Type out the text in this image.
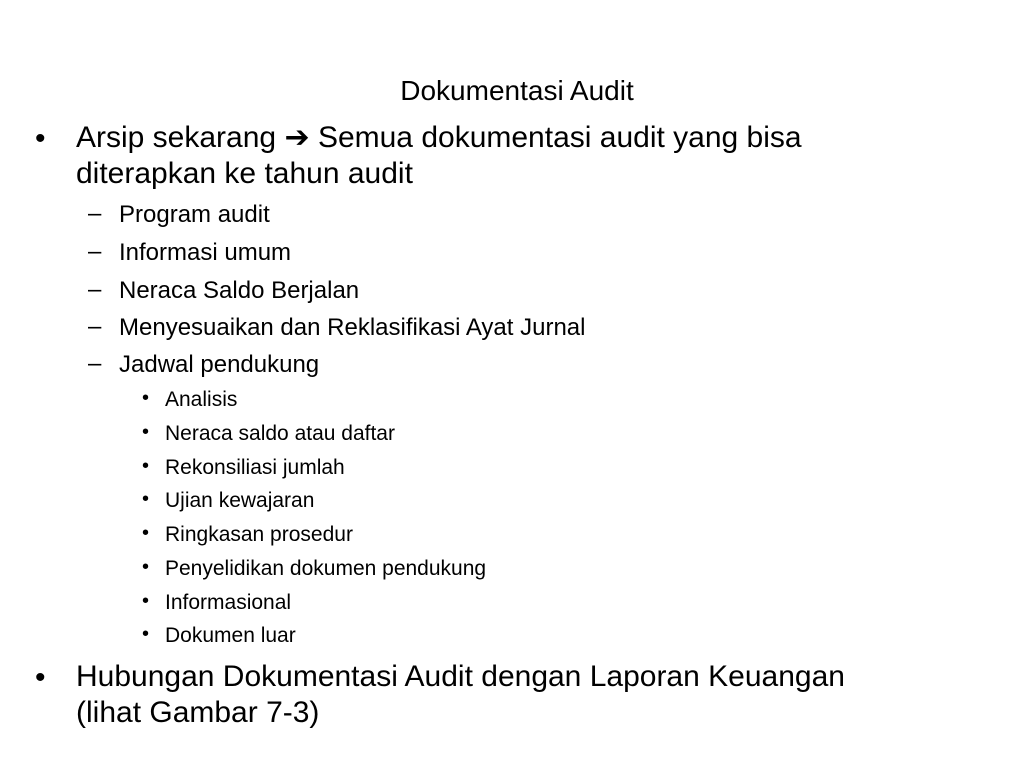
Dokumentasi Audit
• Arsip sekarang ➔ Semua dokumentasi audit yang bisa
diterapkan ke tahun audit
– Program audit
– Informasi umum
– Neraca Saldo Berjalan
– Menyesuaikan dan Reklasifikasi Ayat Jurnal
– Jadwal pendukung
• Analisis
• Neraca saldo atau daftar
• Rekonsiliasi jumlah
• Ujian kewajaran
• Ringkasan prosedur
• Penyelidikan dokumen pendukung
• Informasional
• Dokumen luar
• Hubungan Dokumentasi Audit dengan Laporan Keuangan
(lihat Gambar 7-3)
